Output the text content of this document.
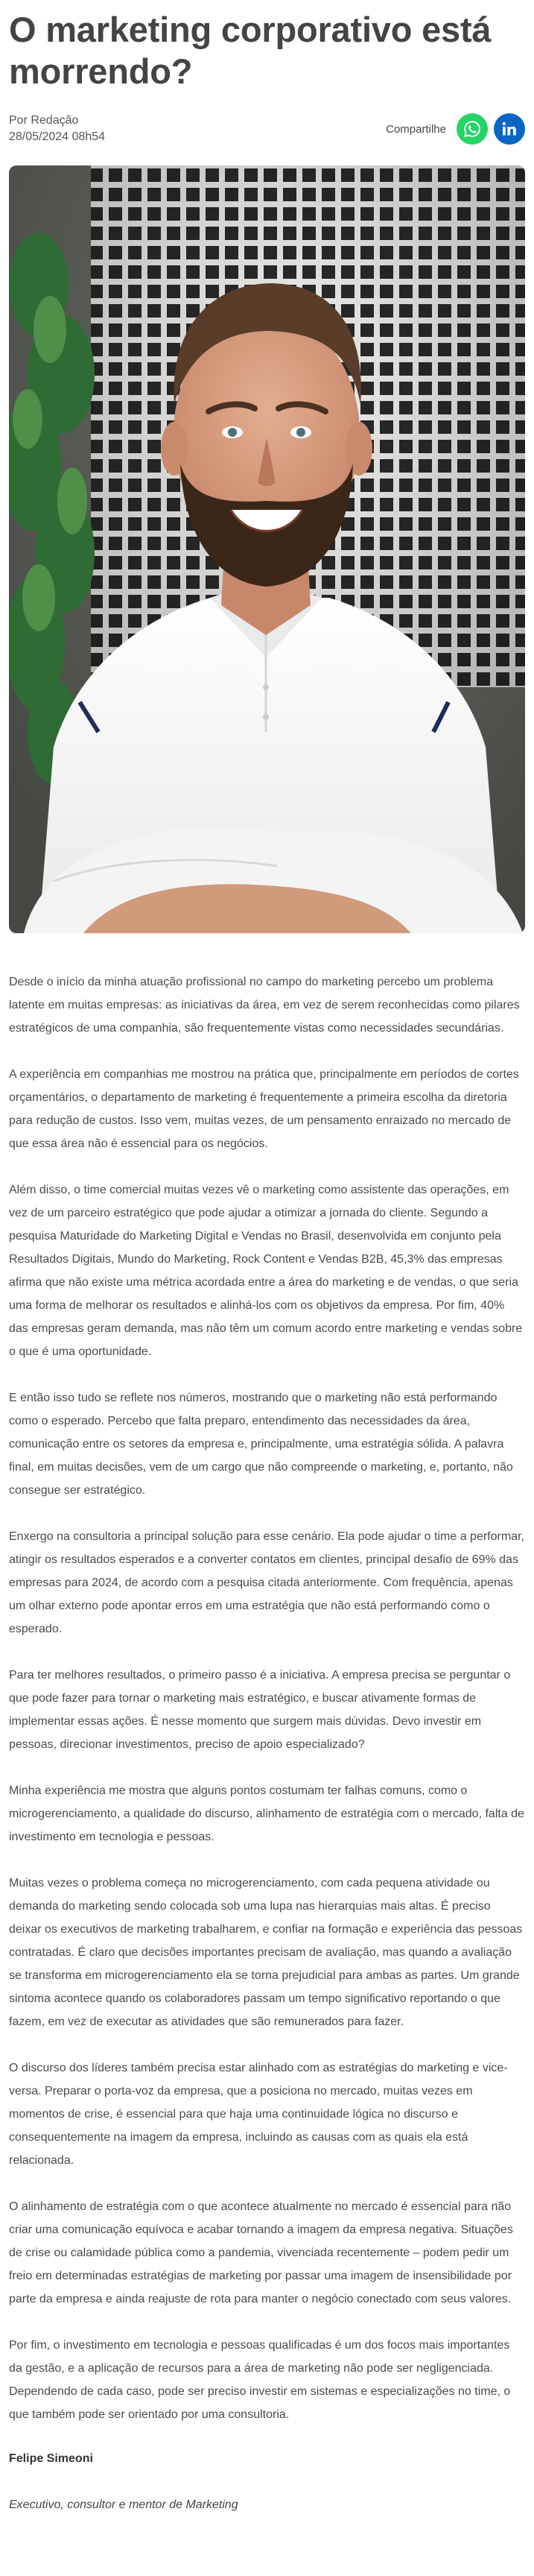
O marketing corporativo está morrendo?
Por Redação
28/05/2024 08h54
Compartilhe

Desde o início da minha atuação profissional no campo do marketing percebo um problema latente em muitas empresas: as iniciativas da área, em vez de serem reconhecidas como pilares estratégicos de uma companhia, são frequentemente vistas como necessidades secundárias.

A experiência em companhias me mostrou na prática que, principalmente em períodos de cortes orçamentários, o departamento de marketing é frequentemente a primeira escolha da diretoria para redução de custos. Isso vem, muitas vezes, de um pensamento enraizado no mercado de que essa área não é essencial para os negócios.

Além disso, o time comercial muitas vezes vê o marketing como assistente das operações, em vez de um parceiro estratégico que pode ajudar a otimizar a jornada do cliente. Segundo a pesquisa Maturidade do Marketing Digital e Vendas no Brasil, desenvolvida em conjunto pela Resultados Digitais, Mundo do Marketing, Rock Content e Vendas B2B, 45,3% das empresas afirma que não existe uma métrica acordada entre a área do marketing e de vendas, o que seria uma forma de melhorar os resultados e alinhá-los com os objetivos da empresa. Por fim, 40% das empresas geram demanda, mas não têm um comum acordo entre marketing e vendas sobre o que é uma oportunidade.

E então isso tudo se reflete nos números, mostrando que o marketing não está performando como o esperado. Percebo que falta preparo, entendimento das necessidades da área, comunicação entre os setores da empresa e, principalmente, uma estratégia sólida. A palavra final, em muitas decisões, vem de um cargo que não compreende o marketing, e, portanto, não consegue ser estratégico.

Enxergo na consultoria a principal solução para esse cenário. Ela pode ajudar o time a performar, atingir os resultados esperados e a converter contatos em clientes, principal desafio de 69% das empresas para 2024, de acordo com a pesquisa citada anteriormente. Com frequência, apenas um olhar externo pode apontar erros em uma estratégia que não está performando como o esperado.

Para ter melhores resultados, o primeiro passo é a iniciativa. A empresa precisa se perguntar o que pode fazer para tornar o marketing mais estratégico, e buscar ativamente formas de implementar essas ações. É nesse momento que surgem mais dúvidas. Devo investir em pessoas, direcionar investimentos, preciso de apoio especializado?

Minha experiência me mostra que alguns pontos costumam ter falhas comuns, como o microgerenciamento, a qualidade do discurso, alinhamento de estratégia com o mercado, falta de investimento em tecnologia e pessoas.

Muitas vezes o problema começa no microgerenciamento, com cada pequena atividade ou demanda do marketing sendo colocada sob uma lupa nas hierarquias mais altas. É preciso deixar os executivos de marketing trabalharem, e confiar na formação e experiência das pessoas contratadas. É claro que decisões importantes precisam de avaliação, mas quando a avaliação se transforma em microgerenciamento ela se torna prejudicial para ambas as partes. Um grande sintoma acontece quando os colaboradores passam um tempo significativo reportando o que fazem, em vez de executar as atividades que são remunerados para fazer.

O discurso dos líderes também precisa estar alinhado com as estratégias do marketing e vice-versa. Preparar o porta-voz da empresa, que a posiciona no mercado, muitas vezes em momentos de crise, é essencial para que haja uma continuidade lógica no discurso e consequentemente na imagem da empresa, incluindo as causas com as quais ela está relacionada.

O alinhamento de estratégia com o que acontece atualmente no mercado é essencial para não criar uma comunicação equívoca e acabar tornando a imagem da empresa negativa. Situações de crise ou calamidade pública como a pandemia, vivenciada recentemente – podem pedir um freio em determinadas estratégias de marketing por passar uma imagem de insensibilidade por parte da empresa e ainda reajuste de rota para manter o negócio conectado com seus valores.

Por fim, o investimento em tecnologia e pessoas qualificadas é um dos focos mais importantes da gestão, e a aplicação de recursos para a área de marketing não pode ser negligenciada. Dependendo de cada caso, pode ser preciso investir em sistemas e especializações no time, o que também pode ser orientado por uma consultoria.

Felipe Simeoni
Executivo, consultor e mentor de Marketing
